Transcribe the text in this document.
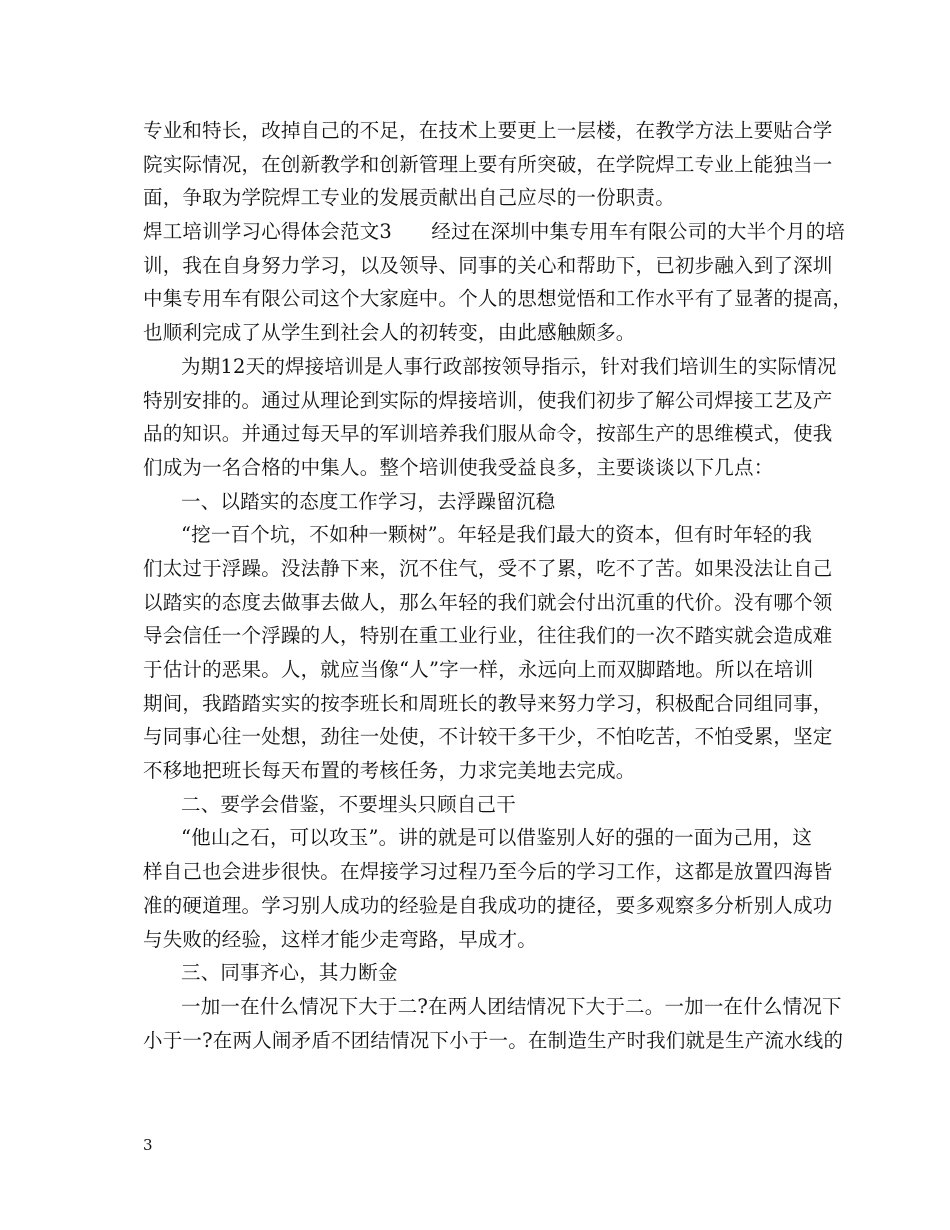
专业和特长，改掉自己的不足，在技术上要更上一层楼，在教学方法上要贴合学
院实际情况，在创新教学和创新管理上要有所突破，在学院焊工专业上能独当一
面，争取为学院焊工专业的发展贡献出自己应尽的一份职责。
焊工培训学习心得体会范文3　　经过在深圳中集专用车有限公司的大半个月的培
训，我在自身努力学习，以及领导、同事的关心和帮助下，已初步融入到了深圳
中集专用车有限公司这个大家庭中。个人的思想觉悟和工作水平有了显著的提高，
也顺利完成了从学生到社会人的初转变，由此感触颇多。
为期12天的焊接培训是人事行政部按领导指示，针对我们培训生的实际情况
特别安排的。通过从理论到实际的焊接培训，使我们初步了解公司焊接工艺及产
品的知识。并通过每天早的军训培养我们服从命令，按部生产的思维模式，使我
们成为一名合格的中集人。整个培训使我受益良多，主要谈谈以下几点：
一、以踏实的态度工作学习，去浮躁留沉稳
“挖一百个坑，不如种一颗树”。年轻是我们最大的资本，但有时年轻的我
们太过于浮躁。没法静下来，沉不住气，受不了累，吃不了苦。如果没法让自己
以踏实的态度去做事去做人，那么年轻的我们就会付出沉重的代价。没有哪个领
导会信任一个浮躁的人，特别在重工业行业，往往我们的一次不踏实就会造成难
于估计的恶果。人，就应当像“人”字一样，永远向上而双脚踏地。所以在培训
期间，我踏踏实实的按李班长和周班长的教导来努力学习，积极配合同组同事，
与同事心往一处想，劲往一处使，不计较干多干少，不怕吃苦，不怕受累，坚定
不移地把班长每天布置的考核任务，力求完美地去完成。
二、要学会借鉴，不要埋头只顾自己干
“他山之石，可以攻玉”。讲的就是可以借鉴别人好的强的一面为己用，这
样自己也会进步很快。在焊接学习过程乃至今后的学习工作，这都是放置四海皆
准的硬道理。学习别人成功的经验是自我成功的捷径，要多观察多分析别人成功
与失败的经验，这样才能少走弯路，早成才。
三、同事齐心，其力断金
一加一在什么情况下大于二?在两人团结情况下大于二。一加一在什么情况下
小于一?在两人闹矛盾不团结情况下小于一。在制造生产时我们就是生产流水线的
3
